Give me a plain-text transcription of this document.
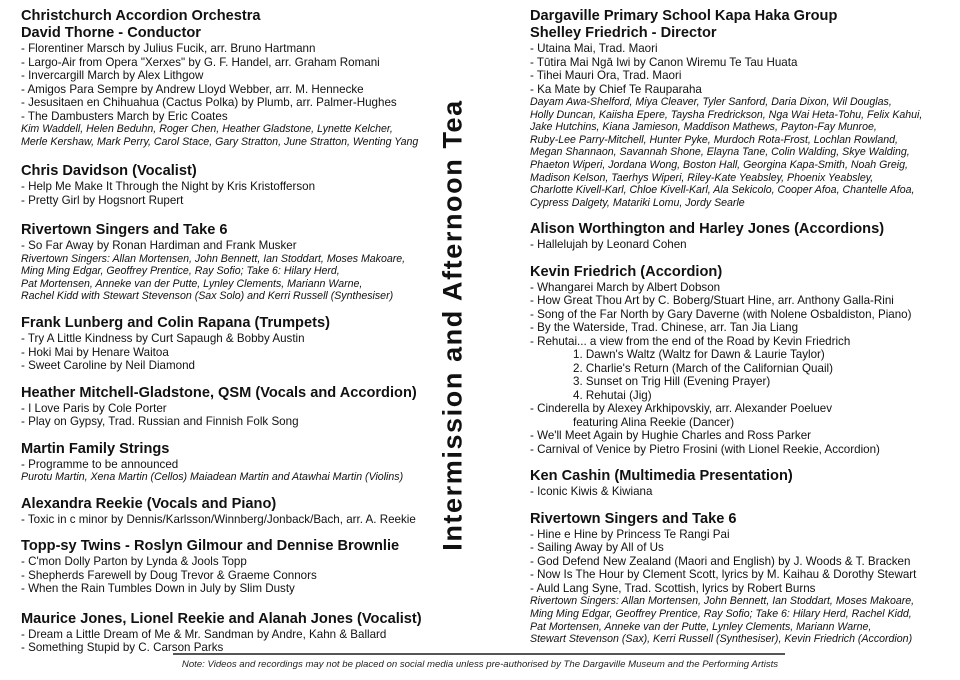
Christchurch Accordion Orchestra

David Thorne - Conductor

- Florentiner Marsch by Julius Fucik, arr. Bruno Hartmann

- Largo-Air from Opera "Xerxes" by G. F. Handel, arr. Graham Romani

- Invercargill March by Alex Lithgow

- Amigos Para Sempre by Andrew Lloyd Webber, arr. M. Hennecke

- Jesusitaen en Chihuahua (Cactus Polka) by Plumb, arr. Palmer-Hughes

- The Dambusters March by Eric Coates

Kim Waddell, Helen Beduhn, Roger Chen, Heather Gladstone, Lynette Kelcher,

Merle Kershaw, Mark Perry, Carol Stace, Gary Stratton, June Stratton, Wenting Yang

Chris Davidson (Vocalist)

- Help Me Make It Through the Night by Kris Kristofferson

- Pretty Girl by Hogsnort Rupert

Rivertown Singers and Take 6

- So Far Away by Ronan Hardiman and Frank Musker

Rivertown Singers: Allan Mortensen, John Bennett, Ian Stoddart, Moses Makoare,

Ming Ming Edgar, Geoffrey Prentice, Ray Sofio; Take 6: Hilary Herd,

Pat Mortensen, Anneke van der Putte, Lynley Clements, Mariann Warne,

Rachel Kidd with Stewart Stevenson (Sax Solo) and Kerri Russell (Synthesiser)

Frank Lunberg and Colin Rapana (Trumpets)

- Try A Little Kindness by Curt Sapaugh & Bobby Austin

- Hoki Mai by Henare Waitoa

- Sweet Caroline by Neil Diamond

Heather Mitchell-Gladstone, QSM (Vocals and Accordion)

- I Love Paris by Cole Porter

- Play on Gypsy, Trad. Russian and Finnish Folk Song

Martin Family Strings

- Programme to be announced

Purotu Martin, Xena Martin (Cellos) Maiadean Martin and Atawhai Martin (Violins)

Alexandra Reekie (Vocals and Piano)

- Toxic in c minor by Dennis/Karlsson/Winnberg/Jonback/Bach, arr. A. Reekie

Topp-sy Twins - Roslyn Gilmour and Dennise Brownlie

- C'mon Dolly Parton by Lynda & Jools Topp

- Shepherds Farewell by Doug Trevor & Graeme Connors

- When the Rain Tumbles Down in July by Slim Dusty

Maurice Jones, Lionel Reekie and Alanah Jones (Vocalist)

- Dream a Little Dream of Me & Mr. Sandman by Andre, Kahn & Ballard

- Something Stupid by C. Carson Parks

Intermission and Afternoon Tea

Dargaville Primary School Kapa Haka Group

Shelley Friedrich - Director

- Utaina Mai, Trad. Maori

- Tūtira Mai Ngā Iwi by Canon Wiremu Te Tau Huata

- Tihei Mauri Ora, Trad. Maori

- Ka Mate by Chief Te Rauparaha

Dayam Awa-Shelford, Miya Cleaver, Tyler Sanford, Daria Dixon, Wil Douglas,

Holly Duncan, Kaiisha Epere, Taysha Fredrickson, Nga Wai Heta-Tohu, Felix Kahui,

Jake Hutchins, Kiana Jamieson, Maddison Mathews, Payton-Fay Munroe,

Ruby-Lee Parry-Mitchell, Hunter Pyke, Murdoch Rota-Frost, Lochlan Rowland,

Megan Shannaon, Savannah Shone, Elayna Tane, Colin Walding, Skye Walding,

Phaeton Wiperi, Jordana Wong, Boston Hall, Georgina Kapa-Smith, Noah Greig,

Madison Kelson, Taerhys Wiperi, Riley-Kate Yeabsley, Phoenix Yeabsley,

Charlotte Kivell-Karl, Chloe Kivell-Karl, Ala Sekicolo, Cooper Afoa, Chantelle Afoa,

Cypress Dalgety, Matariki Lomu, Jordy Searle

Alison Worthington and Harley Jones (Accordions)

- Hallelujah by Leonard Cohen

Kevin Friedrich (Accordion)

- Whangarei March by Albert Dobson

- How Great Thou Art by C. Boberg/Stuart Hine, arr. Anthony Galla-Rini

- Song of the Far North by Gary Daverne (with Nolene Osbaldiston, Piano)

- By the Waterside, Trad. Chinese, arr. Tan Jia Liang

- Rehutai... a view from the end of the Road by Kevin Friedrich

1. Dawn's Waltz (Waltz for Dawn & Laurie Taylor)

2. Charlie's Return (March of the Californian Quail)

3. Sunset on Trig Hill (Evening Prayer)

4. Rehutai (Jig)

- Cinderella by Alexey Arkhipovskiy, arr. Alexander Poeluev

featuring Alina Reekie (Dancer)

- We'll Meet Again by Hughie Charles and Ross Parker

- Carnival of Venice by Pietro Frosini (with Lionel Reekie, Accordion)

Ken Cashin (Multimedia Presentation)

- Iconic Kiwis & Kiwiana

Rivertown Singers and Take 6

- Hine e Hine by Princess Te Rangi Pai

- Sailing Away by All of Us

- God Defend New Zealand (Maori and English) by J. Woods & T. Bracken

- Now Is The Hour by Clement Scott, lyrics by M. Kaihau & Dorothy Stewart

- Auld Lang Syne, Trad. Scottish, lyrics by Robert Burns

Rivertown Singers: Allan Mortensen, John Bennett, Ian Stoddart, Moses Makoare,

Ming Ming Edgar, Geoffrey Prentice, Ray Sofio; Take 6: Hilary Herd, Rachel Kidd,

Pat Mortensen, Anneke van der Putte, Lynley Clements, Mariann Warne,

Stewart Stevenson (Sax), Kerri Russell (Synthesiser), Kevin Friedrich (Accordion)

Note: Videos and recordings may not be placed on social media unless pre-authorised by The Dargaville Museum and the Performing Artists
